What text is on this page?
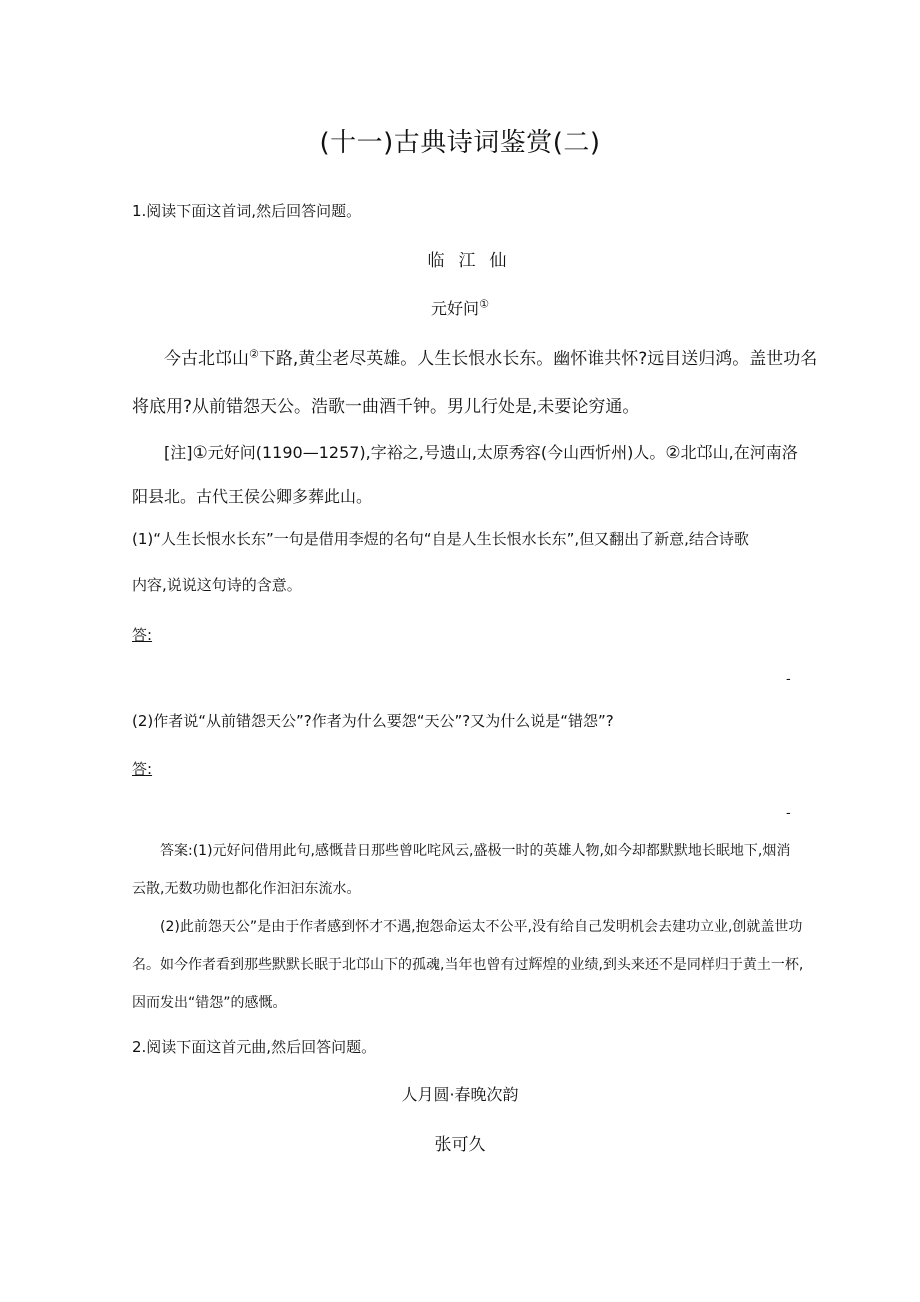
(十一)古典诗词鉴赏(二)
1.阅读下面这首词,然后回答问题。
临江仙
元好问①
今古北邙山②下路,黄尘老尽英雄。人生长恨水长东。幽怀谁共怀?远目送归鸿。盖世功名
将底用?从前错怨天公。浩歌一曲酒千钟。男儿行处是,未要论穷通。
[注]①元好问(1190—1257),字裕之,号遗山,太原秀容(今山西忻州)人。②北邙山,在河南洛
阳县北。古代王侯公卿多葬此山。
(1)“人生长恨水长东”一句是借用李煜的名句“自是人生长恨水长东”,但又翻出了新意,结合诗歌
内容,说说这句诗的含意。
答:
-
(2)作者说“从前错怨天公”?作者为什么要怨“天公”?又为什么说是“错怨”?
答:
-
答案:(1)元好问借用此句,感慨昔日那些曾叱咤风云,盛极一时的英雄人物,如今却都默默地长眠地下,烟消
云散,无数功勋也都化作汩汩东流水。
(2)此前怨天公”是由于作者感到怀才不遇,抱怨命运太不公平,没有给自己发明机会去建功立业,创就盖世功
名。如今作者看到那些默默长眠于北邙山下的孤魂,当年也曾有过辉煌的业绩,到头来还不是同样归于黄土一杯,
因而发出“错怨”的感慨。
2.阅读下面这首元曲,然后回答问题。
人月圆·春晚次韵
张可久
